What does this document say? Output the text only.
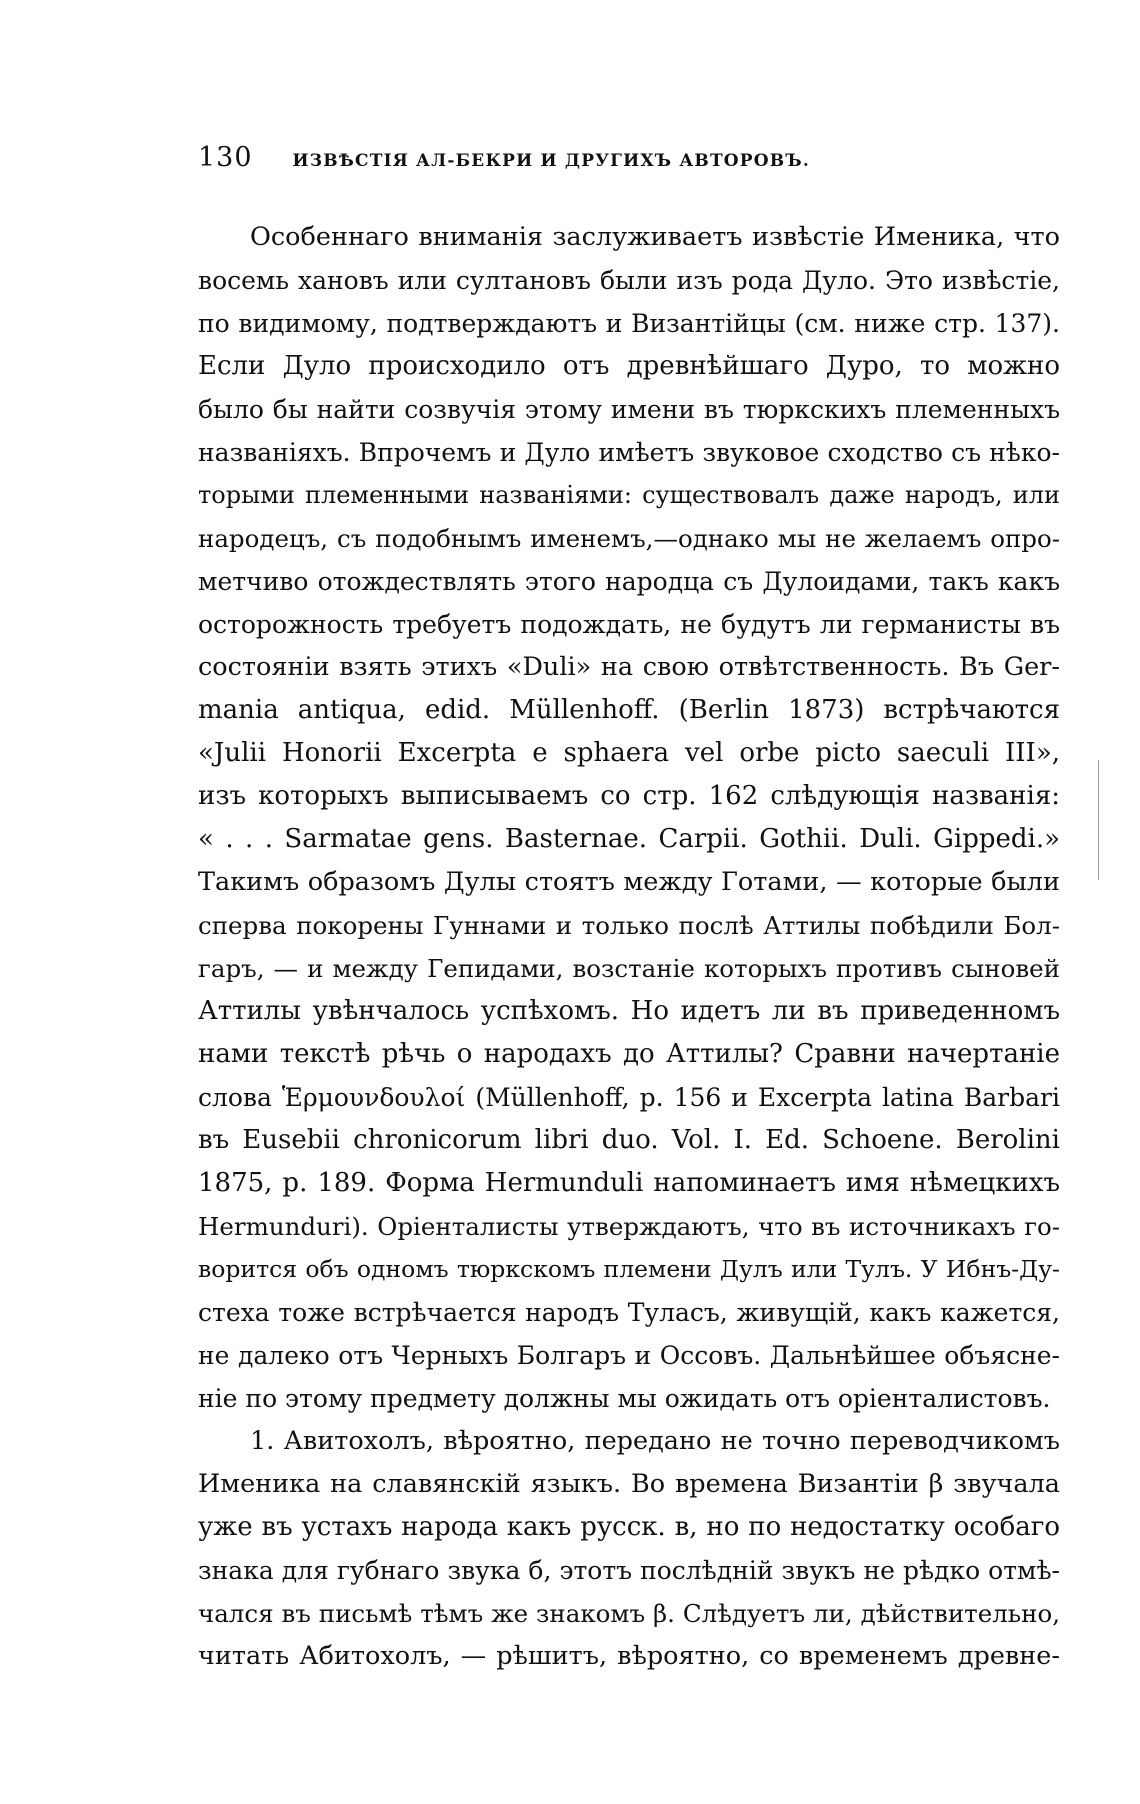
130 ИЗВѢСТІЯ АЛ-БЕКРИ И ДРУГИХЪ АВТОРОВЪ.
Особеннаго вниманія заслуживаетъ извѣстіе Именика, что
восемь хановъ или султановъ были изъ рода Дуло. Это извѣстіе,
по видимому, подтверждаютъ и Византійцы (см. ниже стр. 137).
Если Дуло происходило отъ древнѣйшаго Дуро, то можно
было бы найти созвучія этому имени въ тюркскихъ племенныхъ
названіяхъ. Впрочемъ и Дуло имѣетъ звуковое сходство съ нѣко-
торыми племенными названіями: существовалъ даже народъ, или
народецъ, съ подобнымъ именемъ,—однако мы не желаемъ опро-
метчиво отождествлять этого народца съ Дулоидами, такъ какъ
осторожность требуетъ подождать, не будутъ ли германисты въ
состояніи взять этихъ «Duli» на свою отвѣтственность. Въ Ger-
mania antiqua, edid. Müllenhoff. (Berlin 1873) встрѣчаются
«Julii Honorii Excerpta e sphaera vel orbe picto saeculi III»,
изъ которыхъ выписываемъ со стр. 162 слѣдующія названія:
« . . . Sarmatae gens. Basternae. Carpii. Gothii. Duli. Gippedi.»
Такимъ образомъ Дулы стоятъ между Готами, — которые были
сперва покорены Гуннами и только послѣ Аттилы побѣдили Бол-
гаръ, — и между Гепидами, возстаніе которыхъ противъ сыновей
Аттилы увѣнчалось успѣхомъ. Но идетъ ли въ приведенномъ
нами текстѣ рѣчь о народахъ до Аттилы? Сравни начертаніе
слова Ἑρμουνδουλοί (Müllenhoff, p. 156 и Excerpta latina Barbari
въ Eusebii chronicorum libri duo. Vol. I. Ed. Schoene. Berolini
1875, p. 189. Форма Hermunduli напоминаетъ имя нѣмецкихъ
Hermunduri). Оріенталисты утверждаютъ, что въ источникахъ го-
ворится объ одномъ тюркскомъ племени Дулъ или Тулъ. У Ибнъ-Ду-
стеха тоже встрѣчается народъ Туласъ, живущій, какъ кажется,
не далеко отъ Черныхъ Болгаръ и Оссовъ. Дальнѣйшее объясне-
ніе по этому предмету должны мы ожидать отъ оріенталистовъ.
1. Авитохолъ, вѣроятно, передано не точно переводчикомъ
Именика на славянскій языкъ. Во времена Византіи β звучала
уже въ устахъ народа какъ русск. в, но по недостатку особаго
знака для губнаго звука б, этотъ послѣдній звукъ не рѣдко отмѣ-
чался въ письмѣ тѣмъ же знакомъ β. Слѣдуетъ ли, дѣйствительно,
читать Абитохолъ, — рѣшитъ, вѣроятно, со временемъ древне-
